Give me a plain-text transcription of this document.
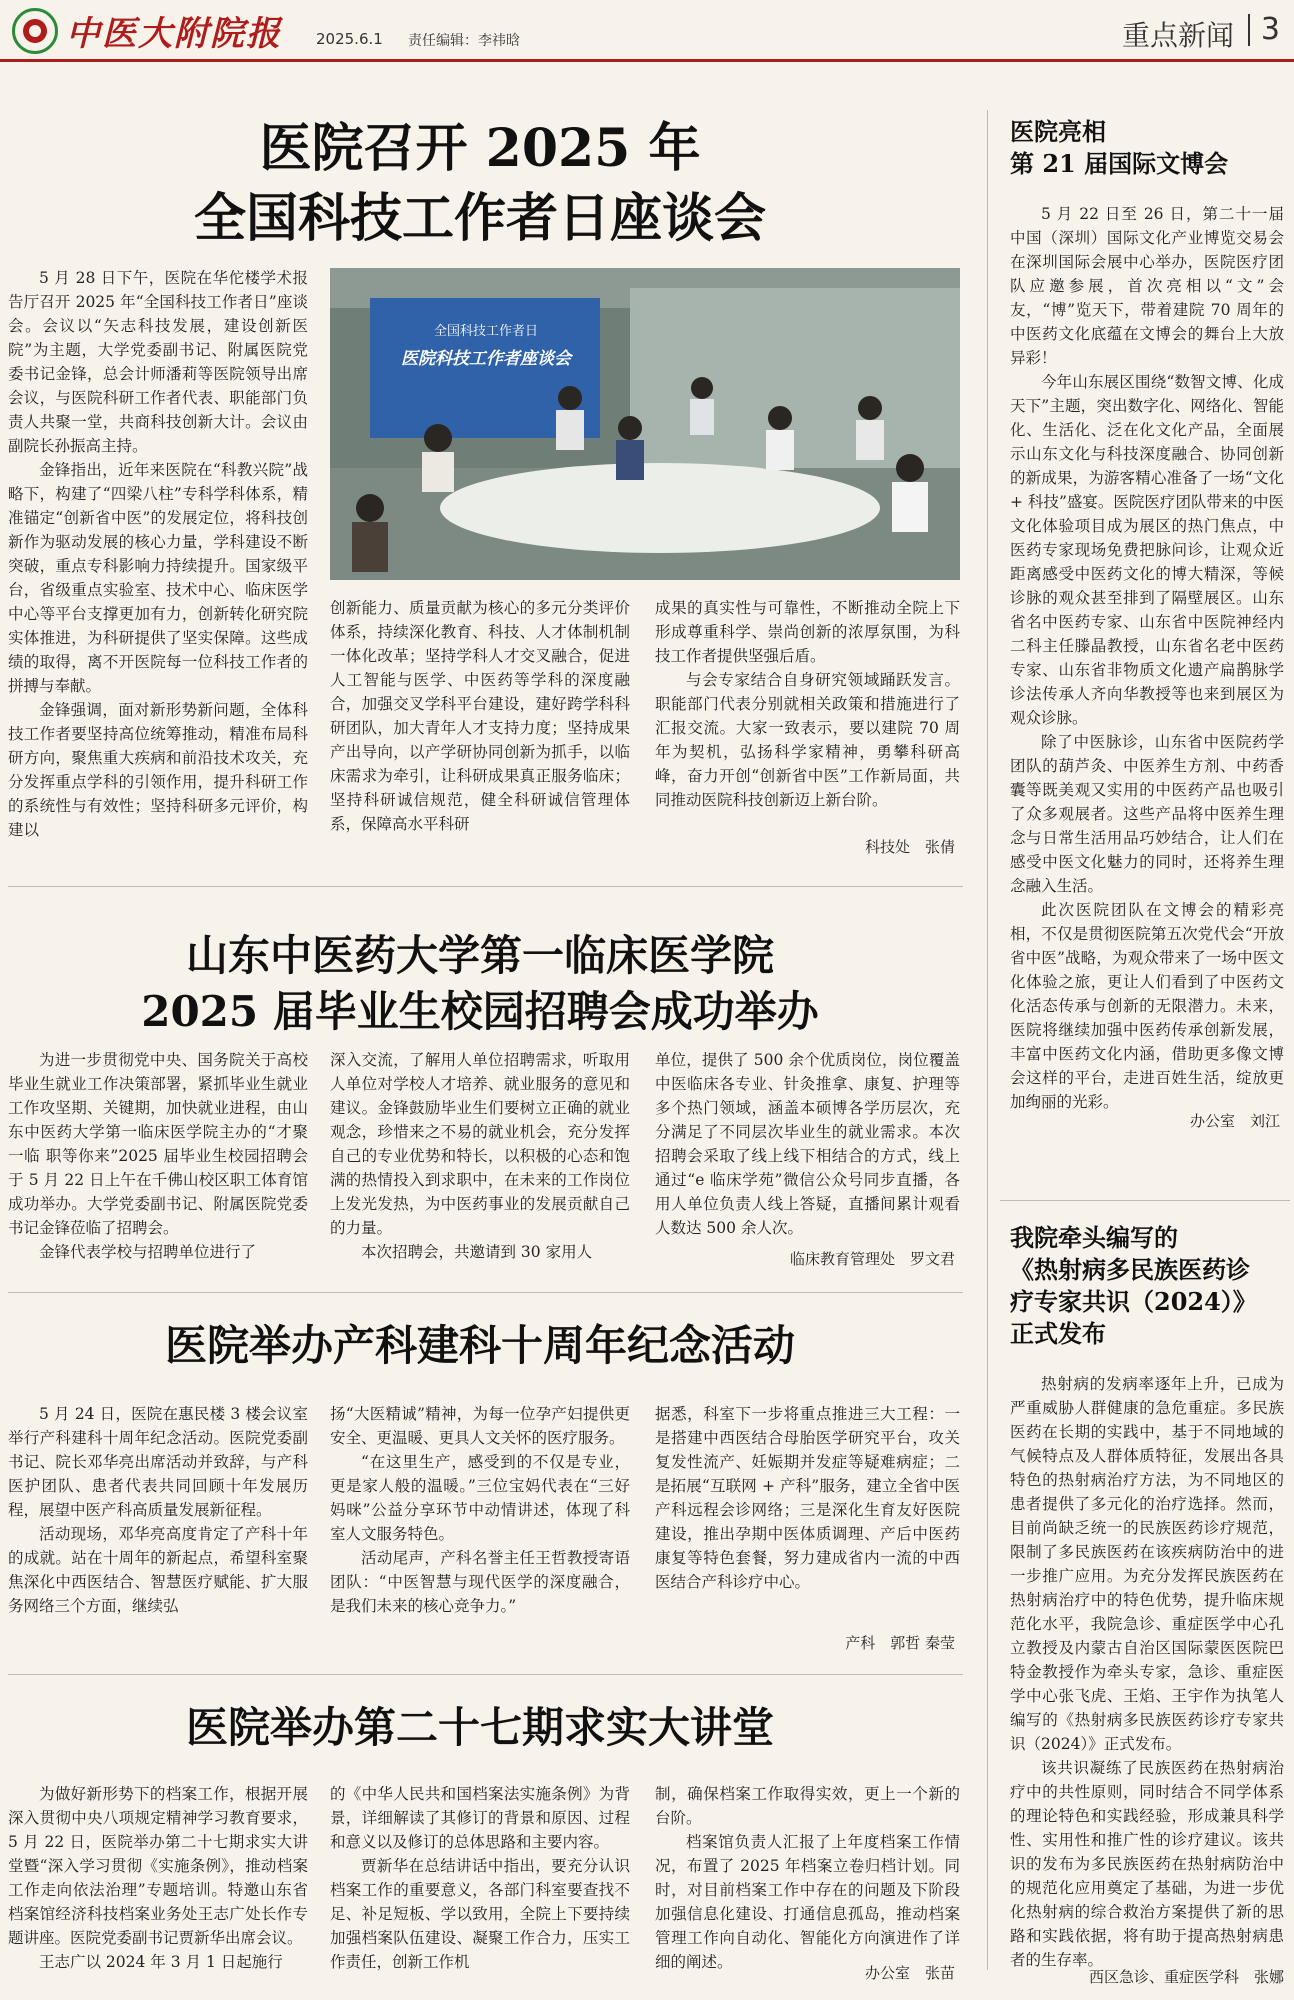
中医大附院报 2025.6.1 责任编辑：李祎晗	重点新闻 3
医院召开 2025 年
全国科技工作者日座谈会

5 月 28 日下午，医院在华佗楼学术报告厅召开 2025 年“全国科技工作者日”座谈会。会议以“矢志科技发展，建设创新医院”为主题，大学党委副书记、附属医院党委书记金锋，总会计师潘莉等医院领导出席会议，与医院科研工作者代表、职能部门负责人共聚一堂，共商科技创新大计。会议由副院长孙振高主持。

金锋指出，近年来医院在“科教兴院”战略下，构建了“四梁八柱”专科学科体系，精准锚定“创新省中医”的发展定位，将科技创新作为驱动发展的核心力量，学科建设不断突破，重点专科影响力持续提升。国家级平台，省级重点实验室、技术中心、临床医学中心等平台支撑更加有力，创新转化研究院实体推进，为科研提供了坚实保障。这些成绩的取得，离不开医院每一位科技工作者的拼搏与奉献。

金锋强调，面对新形势新问题，全体科技工作者要坚持高位统筹推动，精准布局科研方向，聚焦重大疾病和前沿技术攻关，充分发挥重点学科的引领作用，提升科研工作的系统性与有效性；坚持科研多元评价，构建以

全国科技工作者日
医院科技工作者座谈会

创新能力、质量贡献为核心的多元分类评价体系，持续深化教育、科技、人才体制机制一体化改革；坚持学科人才交叉融合，促进人工智能与医学、中医药等学科的深度融合，加强交叉学科平台建设，建好跨学科科研团队，加大青年人才支持力度；坚持成果产出导向，以产学研协同创新为抓手，以临床需求为牵引，让科研成果真正服务临床；坚持科研诚信规范，健全科研诚信管理体系，保障高水平科研

成果的真实性与可靠性，不断推动全院上下形成尊重科学、崇尚创新的浓厚氛围，为科技工作者提供坚强后盾。

与会专家结合自身研究领域踊跃发言。职能部门代表分别就相关政策和措施进行了汇报交流。大家一致表示，要以建院 70 周年为契机，弘扬科学家精神，勇攀科研高峰，奋力开创“创新省中医”工作新局面，共同推动医院科技创新迈上新台阶。

科技处　张倩
山东中医药大学第一临床医学院
2025 届毕业生校园招聘会成功举办

为进一步贯彻党中央、国务院关于高校毕业生就业工作决策部署，紧抓毕业生就业工作攻坚期、关键期，加快就业进程，由山东中医药大学第一临床医学院主办的“才聚一临 职等你来”2025 届毕业生校园招聘会于 5 月 22 日上午在千佛山校区职工体育馆成功举办。大学党委副书记、附属医院党委书记金锋莅临了招聘会。

金锋代表学校与招聘单位进行了

深入交流，了解用人单位招聘需求，听取用人单位对学校人才培养、就业服务的意见和建议。金锋鼓励毕业生们要树立正确的就业观念，珍惜来之不易的就业机会，充分发挥自己的专业优势和特长，以积极的心态和饱满的热情投入到求职中，在未来的工作岗位上发光发热，为中医药事业的发展贡献自己的力量。

本次招聘会，共邀请到 30 家用人

单位，提供了 500 余个优质岗位，岗位覆盖中医临床各专业、针灸推拿、康复、护理等多个热门领域，涵盖本硕博各学历层次，充分满足了不同层次毕业生的就业需求。本次招聘会采取了线上线下相结合的方式，线上通过“e 临床学苑”微信公众号同步直播，各用人单位负责人线上答疑，直播间累计观看人数达 500 余人次。

临床教育管理处　罗文君
医院举办产科建科十周年纪念活动

5 月 24 日，医院在惠民楼 3 楼会议室举行产科建科十周年纪念活动。医院党委副书记、院长邓华亮出席活动并致辞，与产科医护团队、患者代表共同回顾十年发展历程，展望中医产科高质量发展新征程。

活动现场，邓华亮高度肯定了产科十年的成就。站在十周年的新起点，希望科室聚焦深化中西医结合、智慧医疗赋能、扩大服务网络三个方面，继续弘

扬“大医精诚”精神，为每一位孕产妇提供更安全、更温暖、更具人文关怀的医疗服务。

“在这里生产，感受到的不仅是专业，更是家人般的温暖。”三位宝妈代表在“三好妈咪”公益分享环节中动情讲述，体现了科室人文服务特色。

活动尾声，产科名誉主任王哲教授寄语团队：“中医智慧与现代医学的深度融合，是我们未来的核心竞争力。”

据悉，科室下一步将重点推进三大工程：一是搭建中西医结合母胎医学研究平台，攻关复发性流产、妊娠期并发症等疑难病症；二是拓展“互联网 + 产科”服务，建立全省中医产科远程会诊网络；三是深化生育友好医院建设，推出孕期中医体质调理、产后中医药康复等特色套餐，努力建成省内一流的中西医结合产科诊疗中心。

产科　郭哲 秦莹
医院举办第二十七期求实大讲堂

为做好新形势下的档案工作，根据开展深入贯彻中央八项规定精神学习教育要求，5 月 22 日，医院举办第二十七期求实大讲堂暨“深入学习贯彻《实施条例》，推动档案工作走向依法治理”专题培训。特邀山东省档案馆经济科技档案业务处王志广处长作专题讲座。医院党委副书记贾新华出席会议。

王志广以 2024 年 3 月 1 日起施行

的《中华人民共和国档案法实施条例》为背景，详细解读了其修订的背景和原因、过程和意义以及修订的总体思路和主要内容。

贾新华在总结讲话中指出，要充分认识档案工作的重要意义，各部门科室要查找不足、补足短板、学以致用，全院上下要持续加强档案队伍建设、凝聚工作合力，压实工作责任，创新工作机

制，确保档案工作取得实效，更上一个新的台阶。

档案馆负责人汇报了上年度档案工作情况，布置了 2025 年档案立卷归档计划。同时，对目前档案工作中存在的问题及下阶段加强信息化建设、打通信息孤岛，推动档案管理工作向自动化、智能化方向演进作了详细的阐述。

办公室　张苗
医院亮相
第 21 届国际文博会

5 月 22 日至 26 日，第二十一届中国（深圳）国际文化产业博览交易会在深圳国际会展中心举办，医院医疗团队应邀参展，首次亮相以“文”会友，“博”览天下，带着建院 70 周年的中医药文化底蕴在文博会的舞台上大放异彩！

今年山东展区围绕“数智文博、化成天下”主题，突出数字化、网络化、智能化、生活化、泛在化文化产品，全面展示山东文化与科技深度融合、协同创新的新成果，为游客精心准备了一场“文化 + 科技”盛宴。医院医疗团队带来的中医文化体验项目成为展区的热门焦点，中医药专家现场免费把脉问诊，让观众近距离感受中医药文化的博大精深，等候诊脉的观众甚至排到了隔壁展区。山东省名中医药专家、山东省中医院神经内二科主任滕晶教授，山东省名老中医药专家、山东省非物质文化遗产扁鹊脉学诊法传承人齐向华教授等也来到展区为观众诊脉。

除了中医脉诊，山东省中医院药学团队的葫芦灸、中医养生方剂、中药香囊等既美观又实用的中医药产品也吸引了众多观展者。这些产品将中医养生理念与日常生活用品巧妙结合，让人们在感受中医文化魅力的同时，还将养生理念融入生活。

此次医院团队在文博会的精彩亮相，不仅是贯彻医院第五次党代会“开放省中医”战略，为观众带来了一场中医文化体验之旅，更让人们看到了中医药文化活态传承与创新的无限潜力。未来，医院将继续加强中医药传承创新发展，丰富中医药文化内涵，借助更多像文博会这样的平台，走进百姓生活，绽放更加绚丽的光彩。

办公室　刘江
我院牵头编写的
《热射病多民族医药诊
疗专家共识（2024）》
正式发布

热射病的发病率逐年上升，已成为严重威胁人群健康的急危重症。多民族医药在长期的实践中，基于不同地域的气候特点及人群体质特征，发展出各具特色的热射病治疗方法，为不同地区的患者提供了多元化的治疗选择。然而，目前尚缺乏统一的民族医药诊疗规范，限制了多民族医药在该疾病防治中的进一步推广应用。为充分发挥民族医药在热射病治疗中的特色优势，提升临床规范化水平，我院急诊、重症医学中心孔立教授及内蒙古自治区国际蒙医医院巴特金教授作为牵头专家，急诊、重症医学中心张飞虎、王焰、王宇作为执笔人编写的《热射病多民族医药诊疗专家共识（2024）》正式发布。

该共识凝练了民族医药在热射病治疗中的共性原则，同时结合不同学体系的理论特色和实践经验，形成兼具科学性、实用性和推广性的诊疗建议。该共识的发布为多民族医药在热射病防治中的规范化应用奠定了基础，为进一步优化热射病的综合救治方案提供了新的思路和实践依据，将有助于提高热射病患者的生存率。

西区急诊、重症医学科　张娜
